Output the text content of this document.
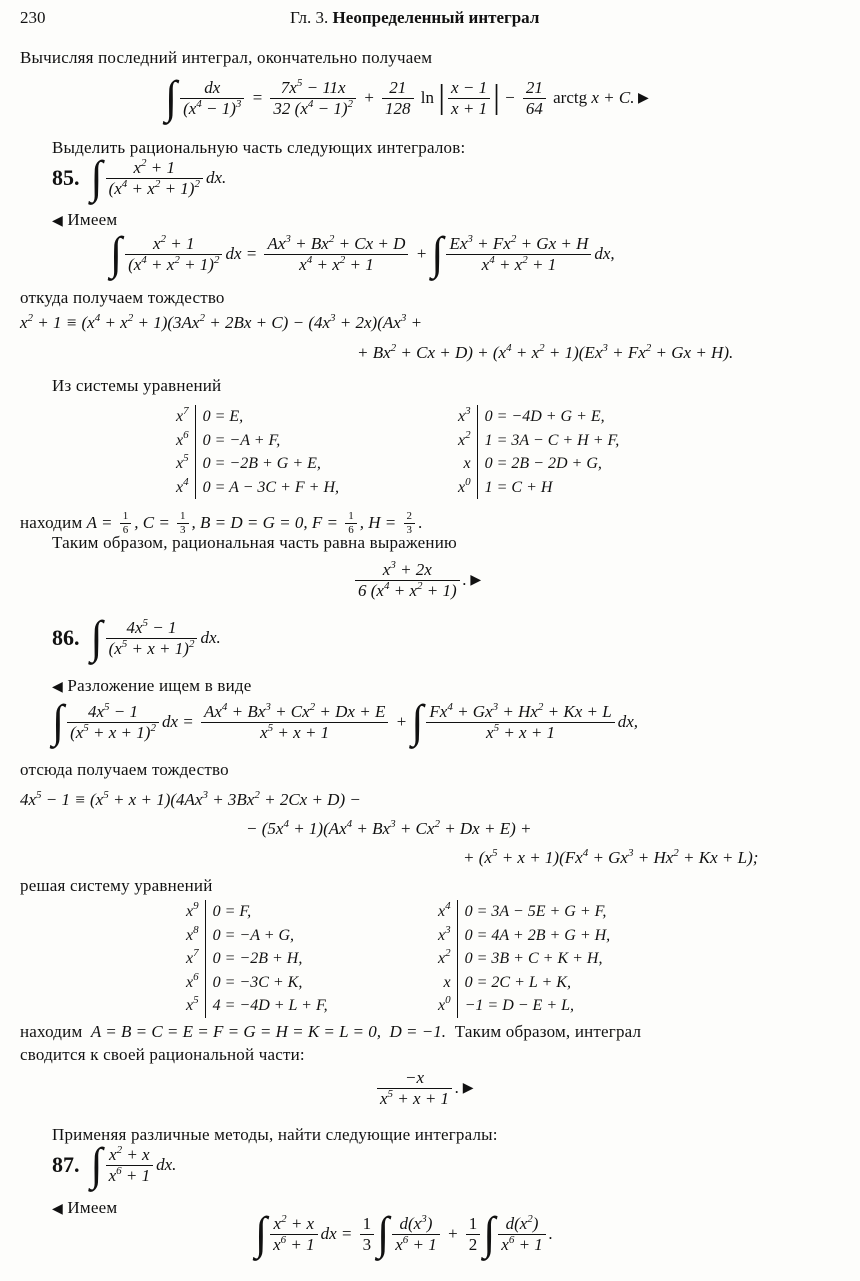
230	Гл. 3. Неопределенный интеграл
Вычисляя последний интеграл, окончательно получаем
∫ $\frac{dx}{(x^4 - 1)^3} = \frac{7x^5 - 11x}{32 (x^4 - 1)^2} + \frac{21}{128}$ ln | $\frac{x - 1}{x + 1}$ | − $\frac{21}{64}$ arctg x + C. ▶
Выделить рациональную часть следующих интегралов:
85. ∫ $\frac{x^2 + 1}{(x^4 + x^2 + 1)^2}$ dx.
◀ Имеем
∫ $\frac{x^2 + 1}{(x^4 + x^2 + 1)^2}$ dx = $\frac{Ax^3 + Bx^2 + Cx + D}{x^4 + x^2 + 1}$ + ∫ $\frac{Ex^3 + Fx^2 + Gx + H}{x^4 + x^2 + 1}$ dx,
откуда получаем тождество
$x^2 + 1 \equiv (x^4 + x^2 + 1)(3Ax^2 + 2Bx + C) - (4x^3 + 2x)(Ax^3$ +
+ $Bx^2 + Cx + D) + (x^4 + x^2 + 1)(Ex^3 + Fx^2 + Gx + H)$.
Из системы уравнений
$x^7$	0 = E,
$x^6$	0 = −A + F,
$x^5$	0 = −2B + G + E,
$x^4$	0 = A − 3C + F + H,
$x^3$	0 = −4D + G + E,
$x^2$	1 = 3A − C + H + F,
x	0 = 2B − 2D + G,
$x^0$	1 = C + H
находим $A = \frac{1}{6}$ , $C = \frac{1}{3}$ , B = D = G = 0, $F = \frac{1}{6}$ , $H = \frac{2}{3}$ .
Таким образом, рациональная часть равна выражению
$\frac{x^3 + 2x}{6 (x^4 + x^2 + 1)}$ . ▶
86. ∫ $\frac{4x^5 - 1}{(x^5 + x + 1)^2}$ dx.
◀ Разложение ищем в виде
∫ $\frac{4x^5 - 1}{(x^5 + x + 1)^2}$ dx = $\frac{Ax^4 + Bx^3 + Cx^2 + Dx + E}{x^5 + x + 1}$ + ∫ $\frac{Fx^4 + Gx^3 + Hx^2 + Kx + L}{x^5 + x + 1}$ dx,
отсюда получаем тождество
$4x^5 - 1 \equiv (x^5 + x + 1)(4Ax^3 + 3Bx^2 + 2Cx + D)$ −
− $(5x^4 + 1)(Ax^4 + Bx^3 + Cx^2 + Dx + E)$ +
+ $(x^5 + x + 1)(Fx^4 + Gx^3 + Hx^2 + Kx + L)$;
решая систему уравнений
$x^9$	0 = F,
$x^8$	0 = −A + G,
$x^7$	0 = −2B + H,
$x^6$	0 = −3C + K,
$x^5$	4 = −4D + L + F,
$x^4$	0 = 3A − 5E + G + F,
$x^3$	0 = 4A + 2B + G + H,
$x^2$	0 = 3B + C + K + H,
x	0 = 2C + L + K,
$x^0$	−1 = D − E + L,
находим  A = B = C = E = F = G = H = K = L = 0,  D = −1. Таким образом, интеграл
сводится к своей рациональной части:
$\frac{-x}{x^5 + x + 1}$ . ▶
Применяя различные методы, найти следующие интегралы:
87. ∫ $\frac{x^2 + x}{x^6 + 1}$ dx.
◀ Имеем
∫ $\frac{x^2 + x}{x^6 + 1}$ dx = $\frac{1}{3}$ ∫ $\frac{d(x^3)}{x^6 + 1} + \frac{1}{2}$ ∫ $\frac{d(x^2)}{x^6 + 1}$ .
